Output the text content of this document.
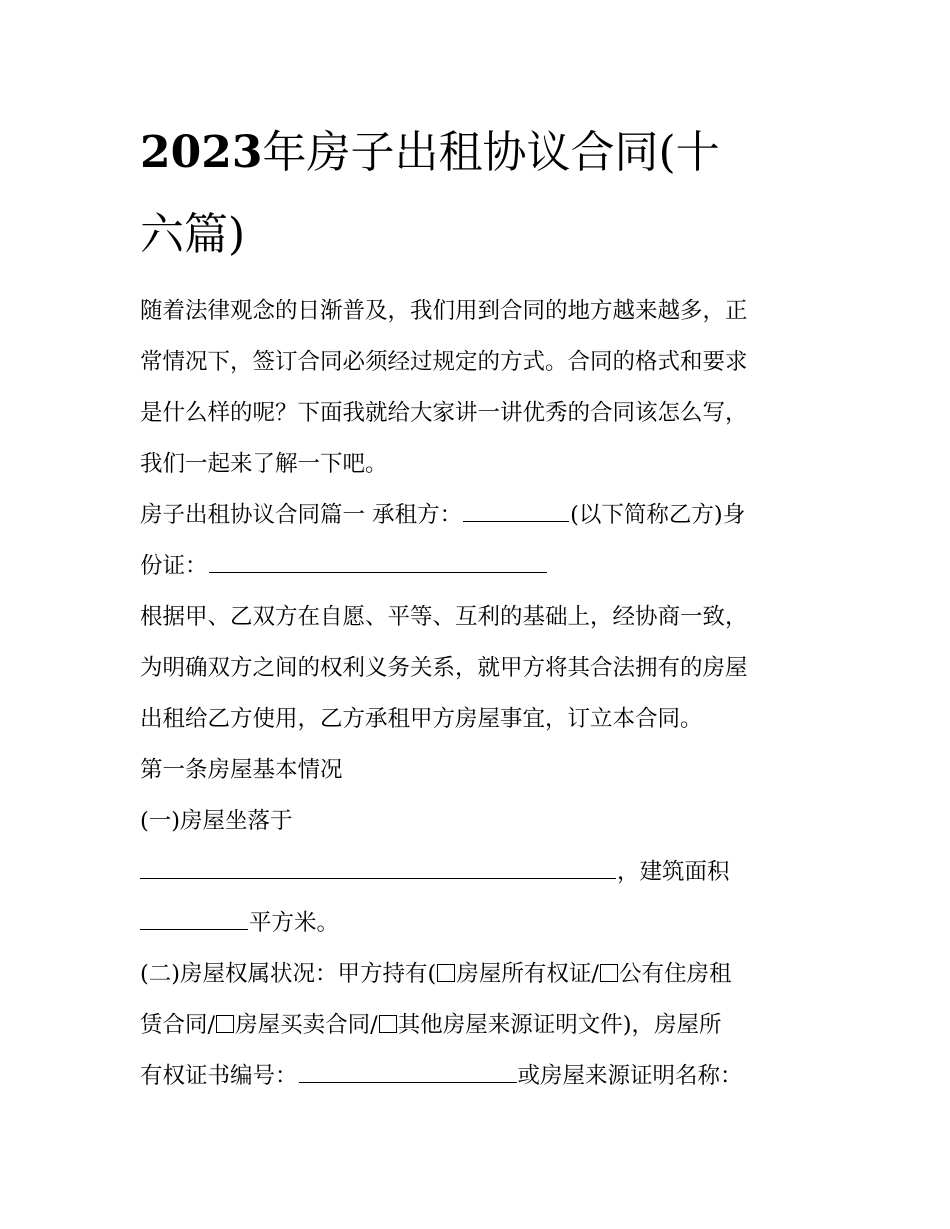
2023年房子出租协议合同(十
六篇)

随着法律观念的日渐普及，我们用到合同的地方越来越多，正

常情况下，签订合同必须经过规定的方式。合同的格式和要求

是什么样的呢？下面我就给大家讲一讲优秀的合同该怎么写，

我们一起来了解一下吧。

房子出租协议合同篇一 承租方：	(以下简称乙方)身

份证：

根据甲、乙双方在自愿、平等、互利的基础上，经协商一致，

为明确双方之间的权利义务关系，就甲方将其合法拥有的房屋

出租给乙方使用，乙方承租甲方房屋事宜，订立本合同。

第一条房屋基本情况

(一)房屋坐落于

，建筑面积

平方米。

(二)房屋权属状况：甲方持有( 房屋所有权证/ 公有住房租

赁合同/ 房屋买卖合同/ 其他房屋来源证明文件)，房屋所

有权证书编号：	或房屋来源证明名称：
